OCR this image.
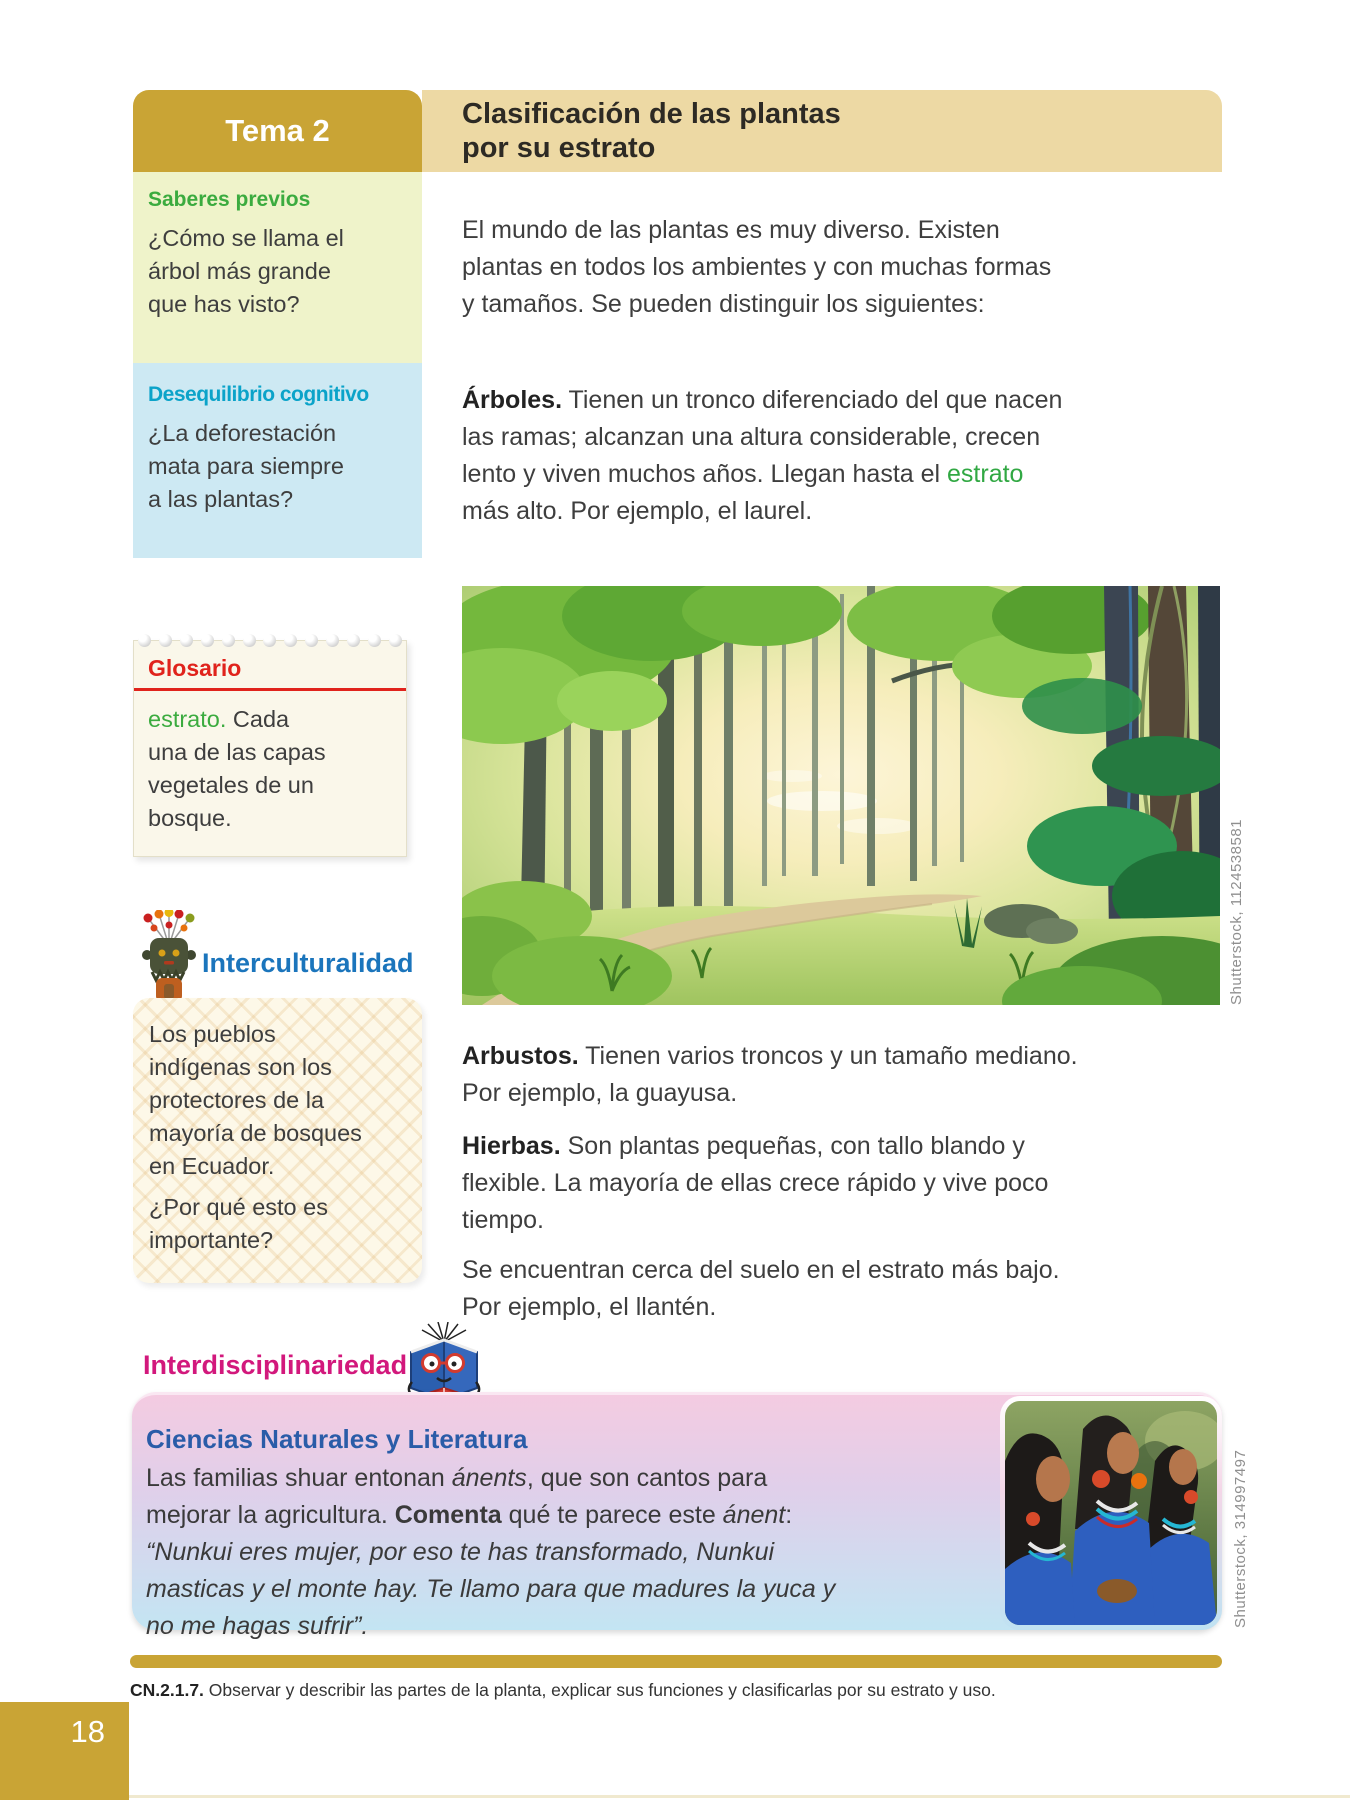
Tema 2	Clasificación de las plantas
por su estrato
Saberes previos
¿Cómo se llama el árbol más grande que has visto?
Desequilibrio cognitivo
¿La deforestación mata para siempre a las plantas?
Glosario
estrato. Cada una de las capas vegetales de un bosque.
Interculturalidad

Los pueblos indígenas son los protectores de la mayoría de bosques en Ecuador.

¿Por qué esto es importante?

El mundo de las plantas es muy diverso. Existen plantas en todos los ambientes y con muchas formas y tamaños. Se pueden distinguir los siguientes:
Árboles. Tienen un tronco diferenciado del que nacen las ramas; alcanzan una altura considerable, crecen lento y viven muchos años. Llegan hasta el estrato más alto. Por ejemplo, el laurel.
Shutterstock, 1124538581
Arbustos. Tienen varios troncos y un tamaño mediano. Por ejemplo, la guayusa.
Hierbas. Son plantas pequeñas, con tallo blando y flexible. La mayoría de ellas crece rápido y vive poco tiempo.
Se encuentran cerca del suelo en el estrato más bajo. Por ejemplo, el llantén.
Interdisciplinariedad
Ciencias Naturales y Literatura
Las familias shuar entonan ánents, que son cantos para mejorar la agricultura. Comenta qué te parece este ánent:
“Nunkui eres mujer, por eso te has transformado, Nunkui masticas y el monte hay. Te llamo para que madures la yuca y no me hagas sufrir”.	Shutterstock, 314997497
CN.2.1.7. Observar y describir las partes de la planta, explicar sus funciones y clasificarlas por su estrato y uso.
18
